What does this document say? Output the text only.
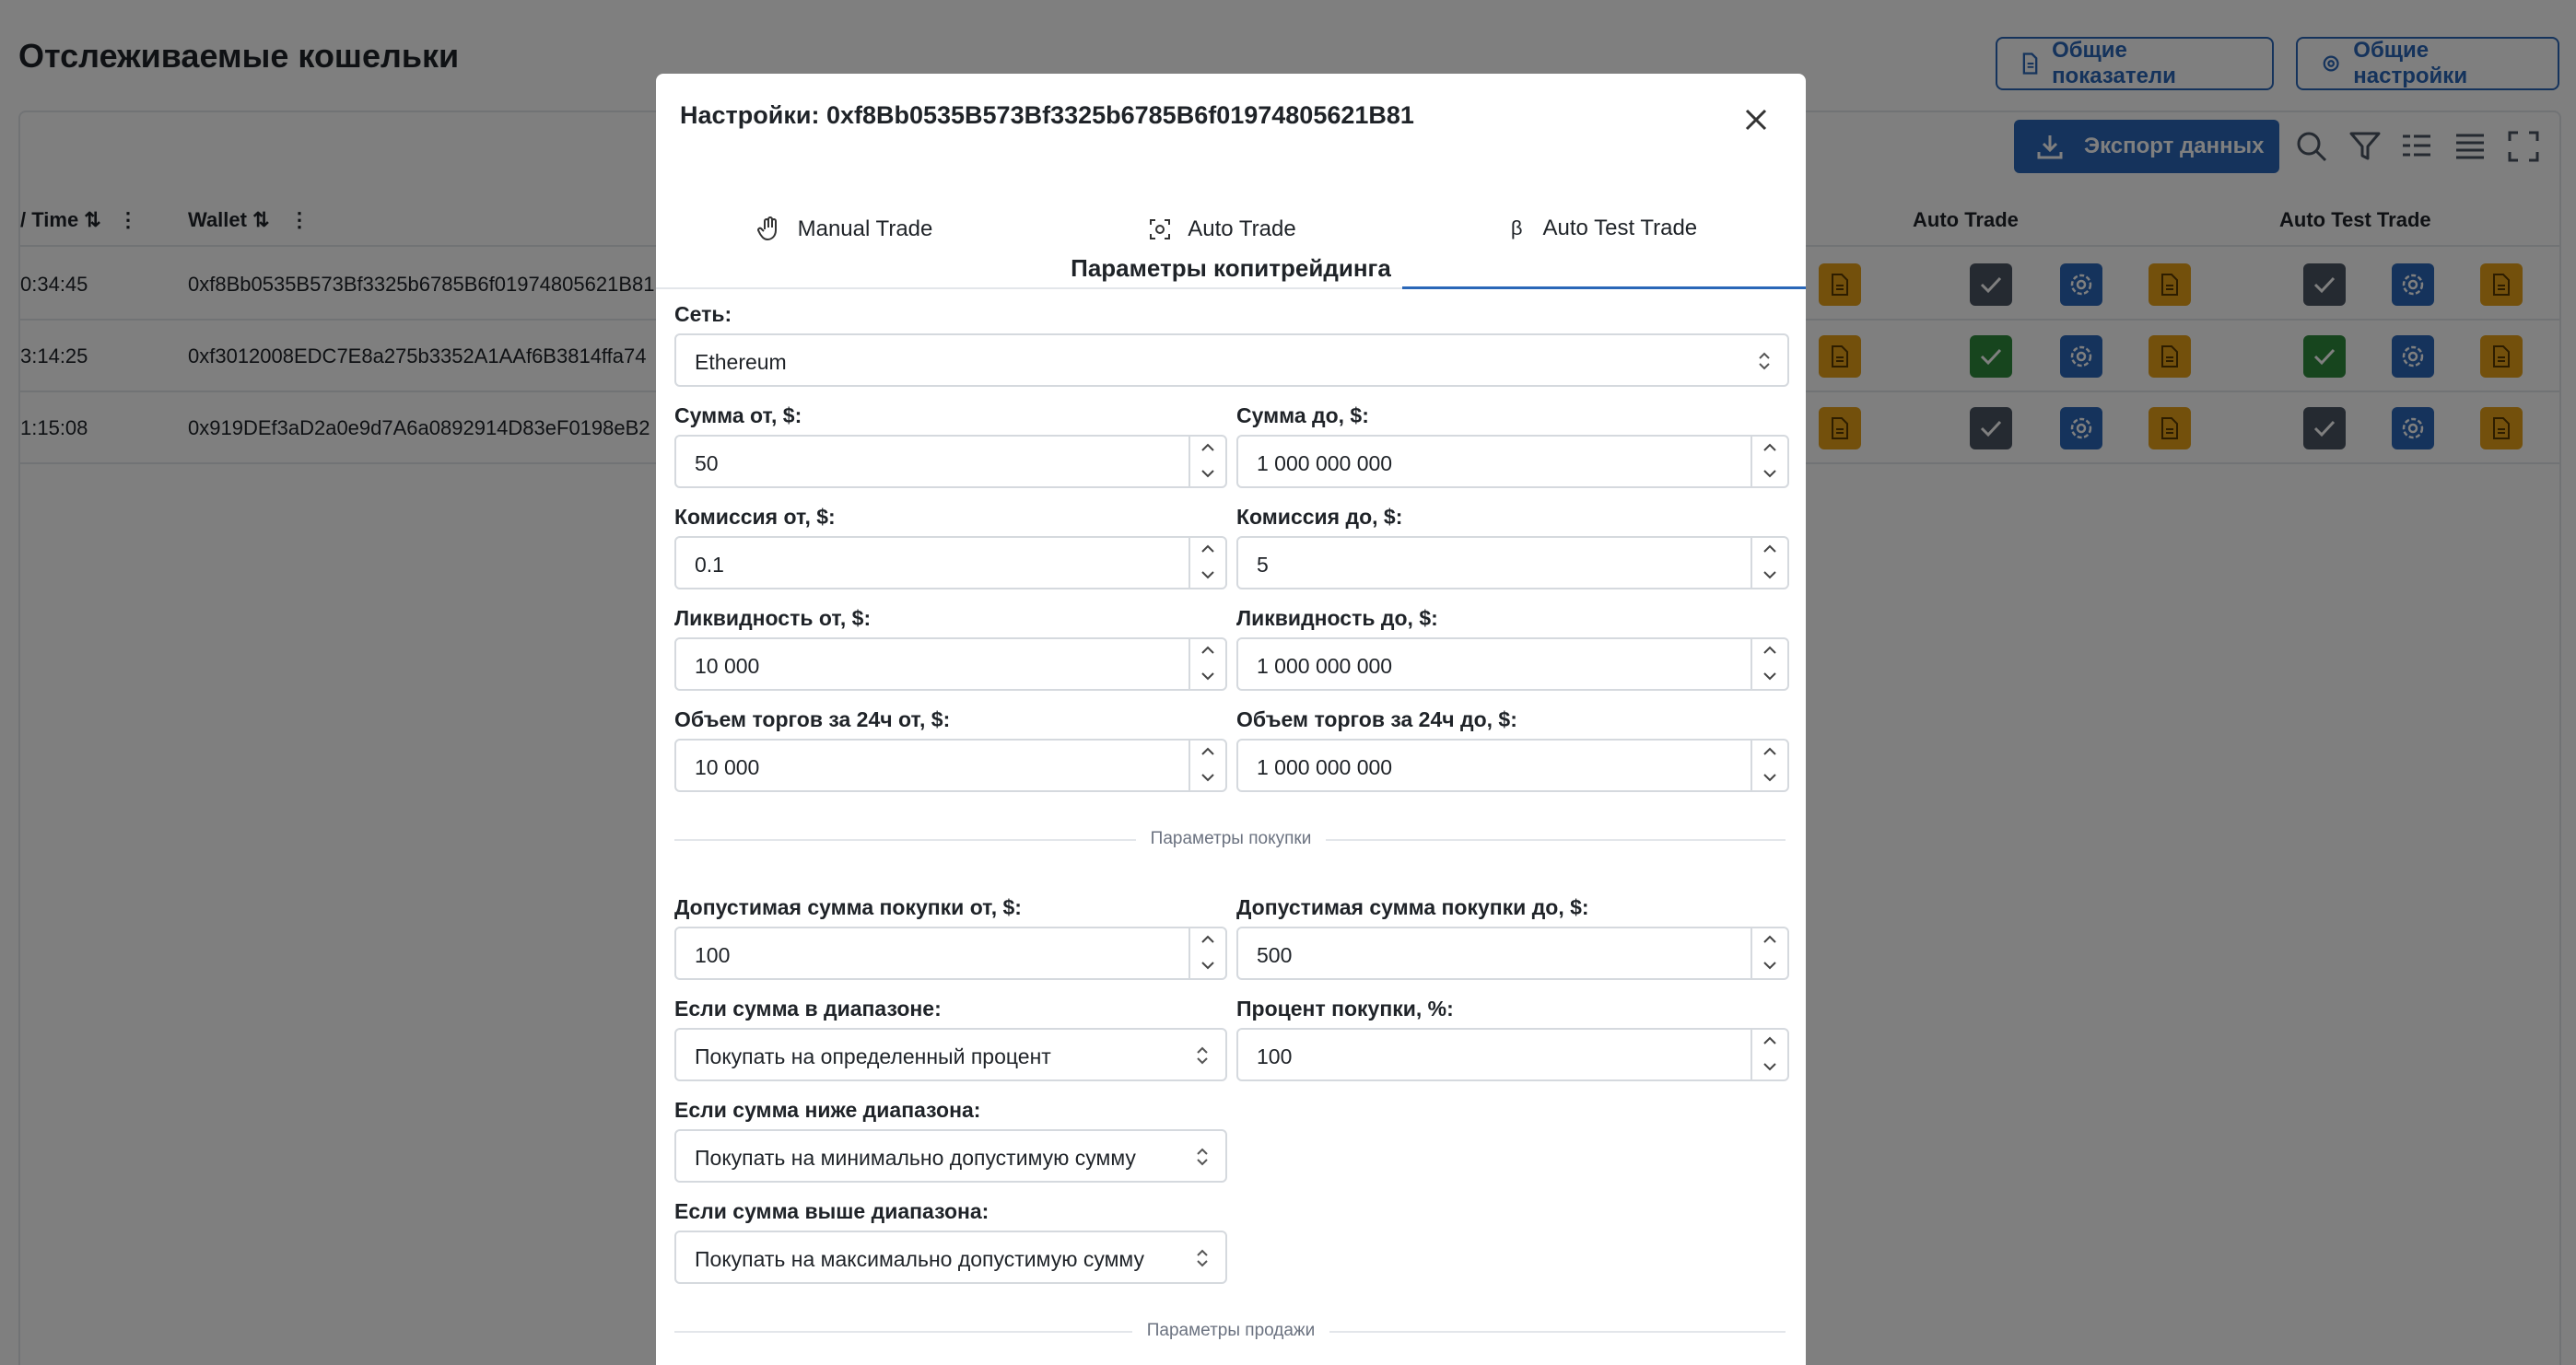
Настройки: 0xf8Bb0535B573Bf3325b6785B6f01974805621B81
Manual Trade	Auto Trade	β Auto Test Trade
Параметры копитрейдинга
Сеть:
Ethereum
Сумма от, $:
50
Сумма до, $:
1 000 000 000
Комиссия от, $:
0.1
Комиссия до, $:
5
Ликвидность от, $:
10 000
Ликвидность до, $:
1 000 000 000
Объем торгов за 24ч от, $:
10 000
Объем торгов за 24ч до, $:
1 000 000 000
Параметры покупки
Допустимая сумма покупки от, $:
100
Допустимая сумма покупки до, $:
500
Если сумма в диапазоне:
Покупать на определенный процент
Процент покупки, %:
100
Если сумма ниже диапазона:
Покупать на минимально допустимую сумму
Если сумма выше диапазона:
Покупать на максимально допустимую сумму
Параметры продажи
